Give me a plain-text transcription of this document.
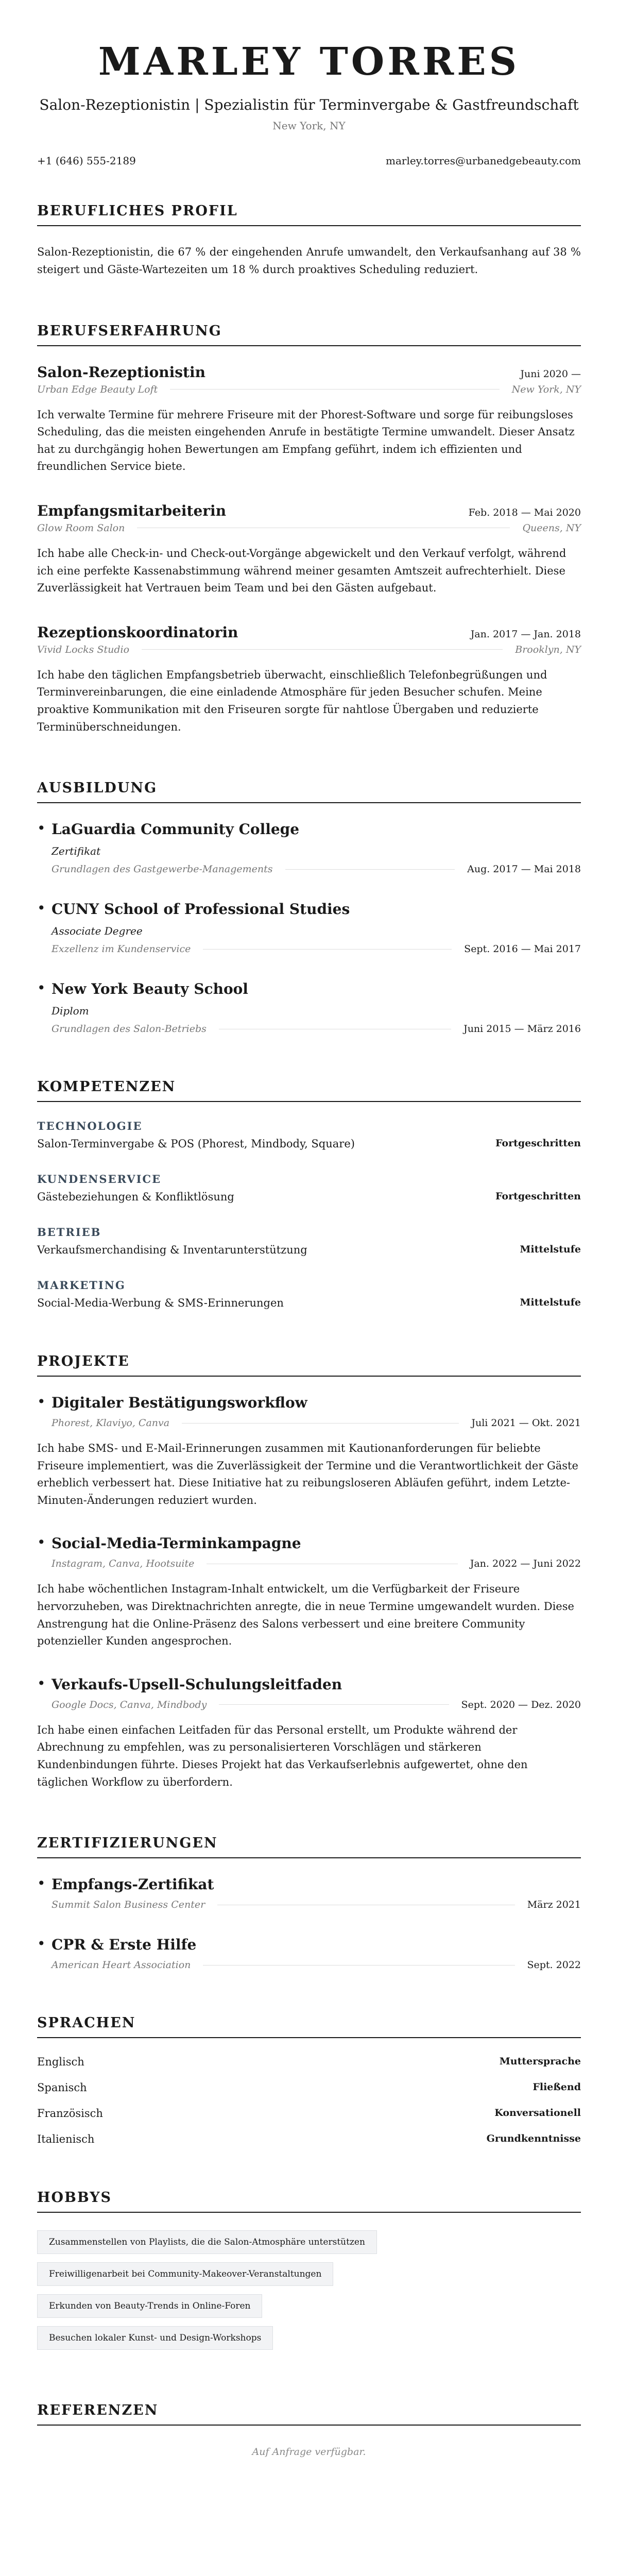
MARLEY TORRES

Salon-Rezeptionistin | Spezialistin für Terminvergabe & Gastfreundschaft

New York, NY

+1 (646) 555-2189	marley.torres@urbanedgebeauty.com
BERUFLICHES PROFIL

Salon-Rezeptionistin, die 67 % der eingehenden Anrufe umwandelt, den Verkaufsanhang auf 38 % steigert und Gäste-Wartezeiten um 18 % durch proaktives Scheduling reduziert.

BERUFSERFAHRUNG
Salon-Rezeptionistin	Juni 2020 —
Urban Edge Beauty Loft	New York, NY

Ich verwalte Termine für mehrere Friseure mit der Phorest-Software und sorge für reibungsloses Scheduling, das die meisten eingehenden Anrufe in bestätigte Termine umwandelt. Dieser Ansatz hat zu durchgängig hohen Bewertungen am Empfang geführt, indem ich effizienten und freundlichen Service biete.

Empfangsmitarbeiterin	Feb. 2018 — Mai 2020
Glow Room Salon	Queens, NY

Ich habe alle Check-in- und Check-out-Vorgänge abgewickelt und den Verkauf verfolgt, während ich eine perfekte Kassenabstimmung während meiner gesamten Amtszeit aufrechterhielt. Diese Zuverlässigkeit hat Vertrauen beim Team und bei den Gästen aufgebaut.

Rezeptionskoordinatorin	Jan. 2017 — Jan. 2018
Vivid Locks Studio	Brooklyn, NY

Ich habe den täglichen Empfangsbetrieb überwacht, einschließlich Telefonbegrüßungen und Terminvereinbarungen, die eine einladende Atmosphäre für jeden Besucher schufen. Meine proaktive Kommunikation mit den Friseuren sorgte für nahtlose Übergaben und reduzierte Terminüberschneidungen.

AUSBILDUNG
• LaGuardia Community College
Zertifikat
Grundlagen des Gastgewerbe-Managements	Aug. 2017 — Mai 2018
• CUNY School of Professional Studies
Associate Degree
Exzellenz im Kundenservice	Sept. 2016 — Mai 2017
• New York Beauty School
Diplom
Grundlagen des Salon-Betriebs	Juni 2015 — März 2016
KOMPETENZEN
TECHNOLOGIE
Salon-Terminvergabe & POS (Phorest, Mindbody, Square)	Fortgeschritten
KUNDENSERVICE
Gästebeziehungen & Konfliktlösung	Fortgeschritten
BETRIEB
Verkaufsmerchandising & Inventarunterstützung	Mittelstufe
MARKETING
Social-Media-Werbung & SMS-Erinnerungen	Mittelstufe
PROJEKTE
• Digitaler Bestätigungsworkflow
Phorest, Klaviyo, Canva	Juli 2021 — Okt. 2021

Ich habe SMS- und E-Mail-Erinnerungen zusammen mit Kautionanforderungen für beliebte Friseure implementiert, was die Zuverlässigkeit der Termine und die Verantwortlichkeit der Gäste erheblich verbessert hat. Diese Initiative hat zu reibungsloseren Abläufen geführt, indem Letzte-Minuten-Änderungen reduziert wurden.

• Social-Media-Terminkampagne
Instagram, Canva, Hootsuite	Jan. 2022 — Juni 2022

Ich habe wöchentlichen Instagram-Inhalt entwickelt, um die Verfügbarkeit der Friseure hervorzuheben, was Direktnachrichten anregte, die in neue Termine umgewandelt wurden. Diese Anstrengung hat die Online-Präsenz des Salons verbessert und eine breitere Community potenzieller Kunden angesprochen.

• Verkaufs-Upsell-Schulungsleitfaden
Google Docs, Canva, Mindbody	Sept. 2020 — Dez. 2020

Ich habe einen einfachen Leitfaden für das Personal erstellt, um Produkte während der Abrechnung zu empfehlen, was zu personalisierteren Vorschlägen und stärkeren Kundenbindungen führte. Dieses Projekt hat das Verkaufserlebnis aufgewertet, ohne den täglichen Workflow zu überfordern.

ZERTIFIZIERUNGEN
• Empfangs-Zertifikat
Summit Salon Business Center	März 2021
• CPR & Erste Hilfe
American Heart Association	Sept. 2022
SPRACHEN
Englisch	Muttersprache
Spanisch	Fließend
Französisch	Konversationell
Italienisch	Grundkenntnisse
HOBBYS
Zusammenstellen von Playlists, die die Salon-Atmosphäre unterstützen
Freiwilligenarbeit bei Community-Makeover-Veranstaltungen
Erkunden von Beauty-Trends in Online-Foren
Besuchen lokaler Kunst- und Design-Workshops
REFERENZEN
Auf Anfrage verfügbar.
